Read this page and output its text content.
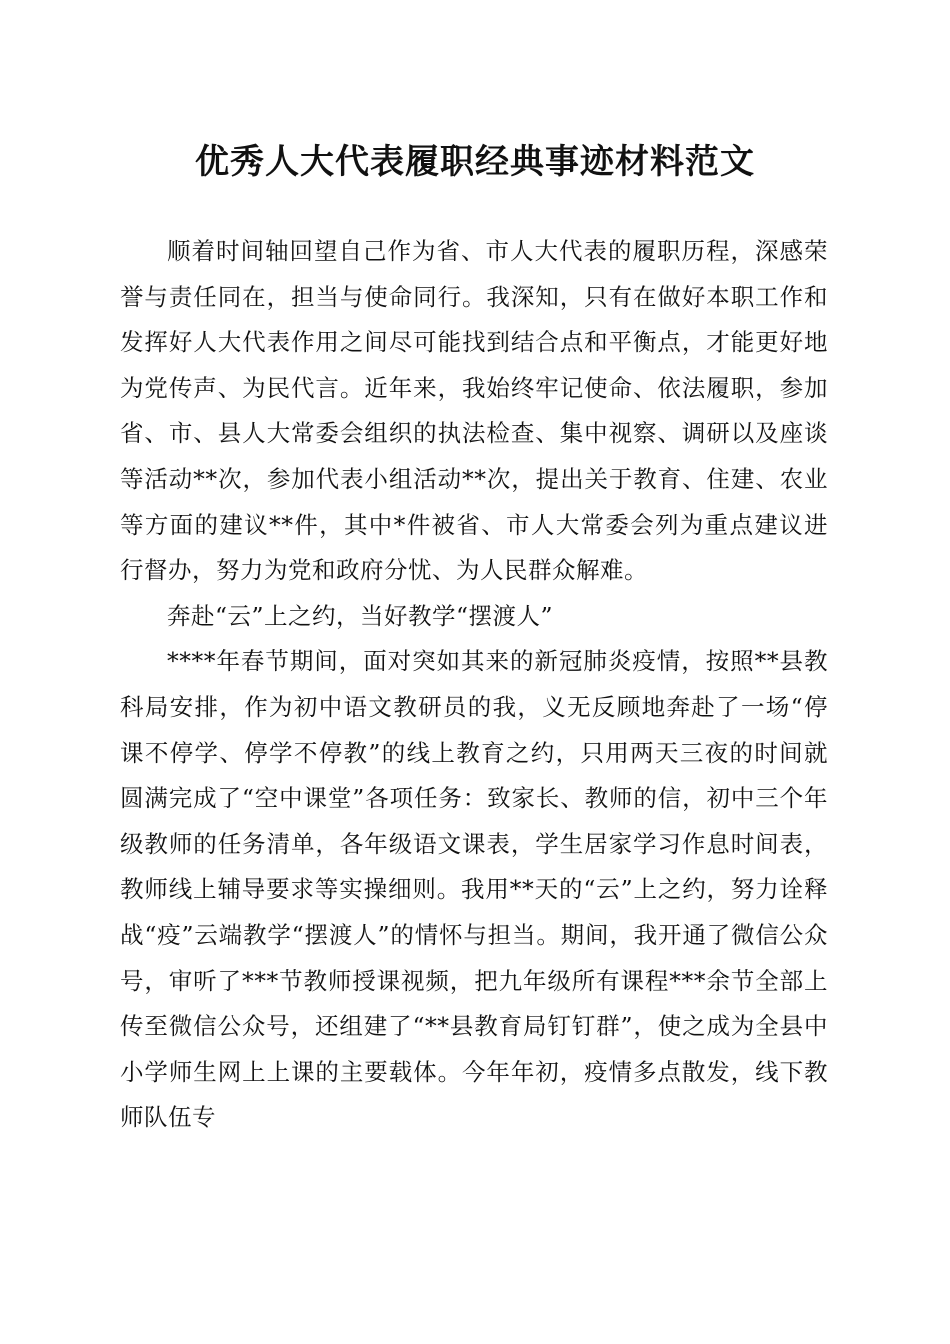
优秀人大代表履职经典事迹材料范文

顺着时间轴回望自己作为省、市人大代表的履职历程，深感荣誉与责任同在，担当与使命同行。我深知，只有在做好本职工作和发挥好人大代表作用之间尽可能找到结合点和平衡点，才能更好地为党传声、为民代言。近年来，我始终牢记使命、依法履职，参加省、市、县人大常委会组织的执法检查、集中视察、调研以及座谈等活动**次，参加代表小组活动**次，提出关于教育、住建、农业等方面的建议**件，其中*件被省、市人大常委会列为重点建议进行督办，努力为党和政府分忧、为人民群众解难。

奔赴“云”上之约，当好教学“摆渡人”

****年春节期间，面对突如其来的新冠肺炎疫情，按照**县教科局安排，作为初中语文教研员的我，义无反顾地奔赴了一场“停课不停学、停学不停教”的线上教育之约，只用两天三夜的时间就圆满完成了“空中课堂”各项任务：致家长、教师的信，初中三个年级教师的任务清单，各年级语文课表，学生居家学习作息时间表，教师线上辅导要求等实操细则。我用**天的“云”上之约，努力诠释战“疫”云端教学“摆渡人”的情怀与担当。期间，我开通了微信公众号，审听了***节教师授课视频，把九年级所有课程***余节全部上传至微信公众号，还组建了“**县教育局钉钉群”，使之成为全县中小学师生网上上课的主要载体。今年年初，疫情多点散发，线下教师队伍专
